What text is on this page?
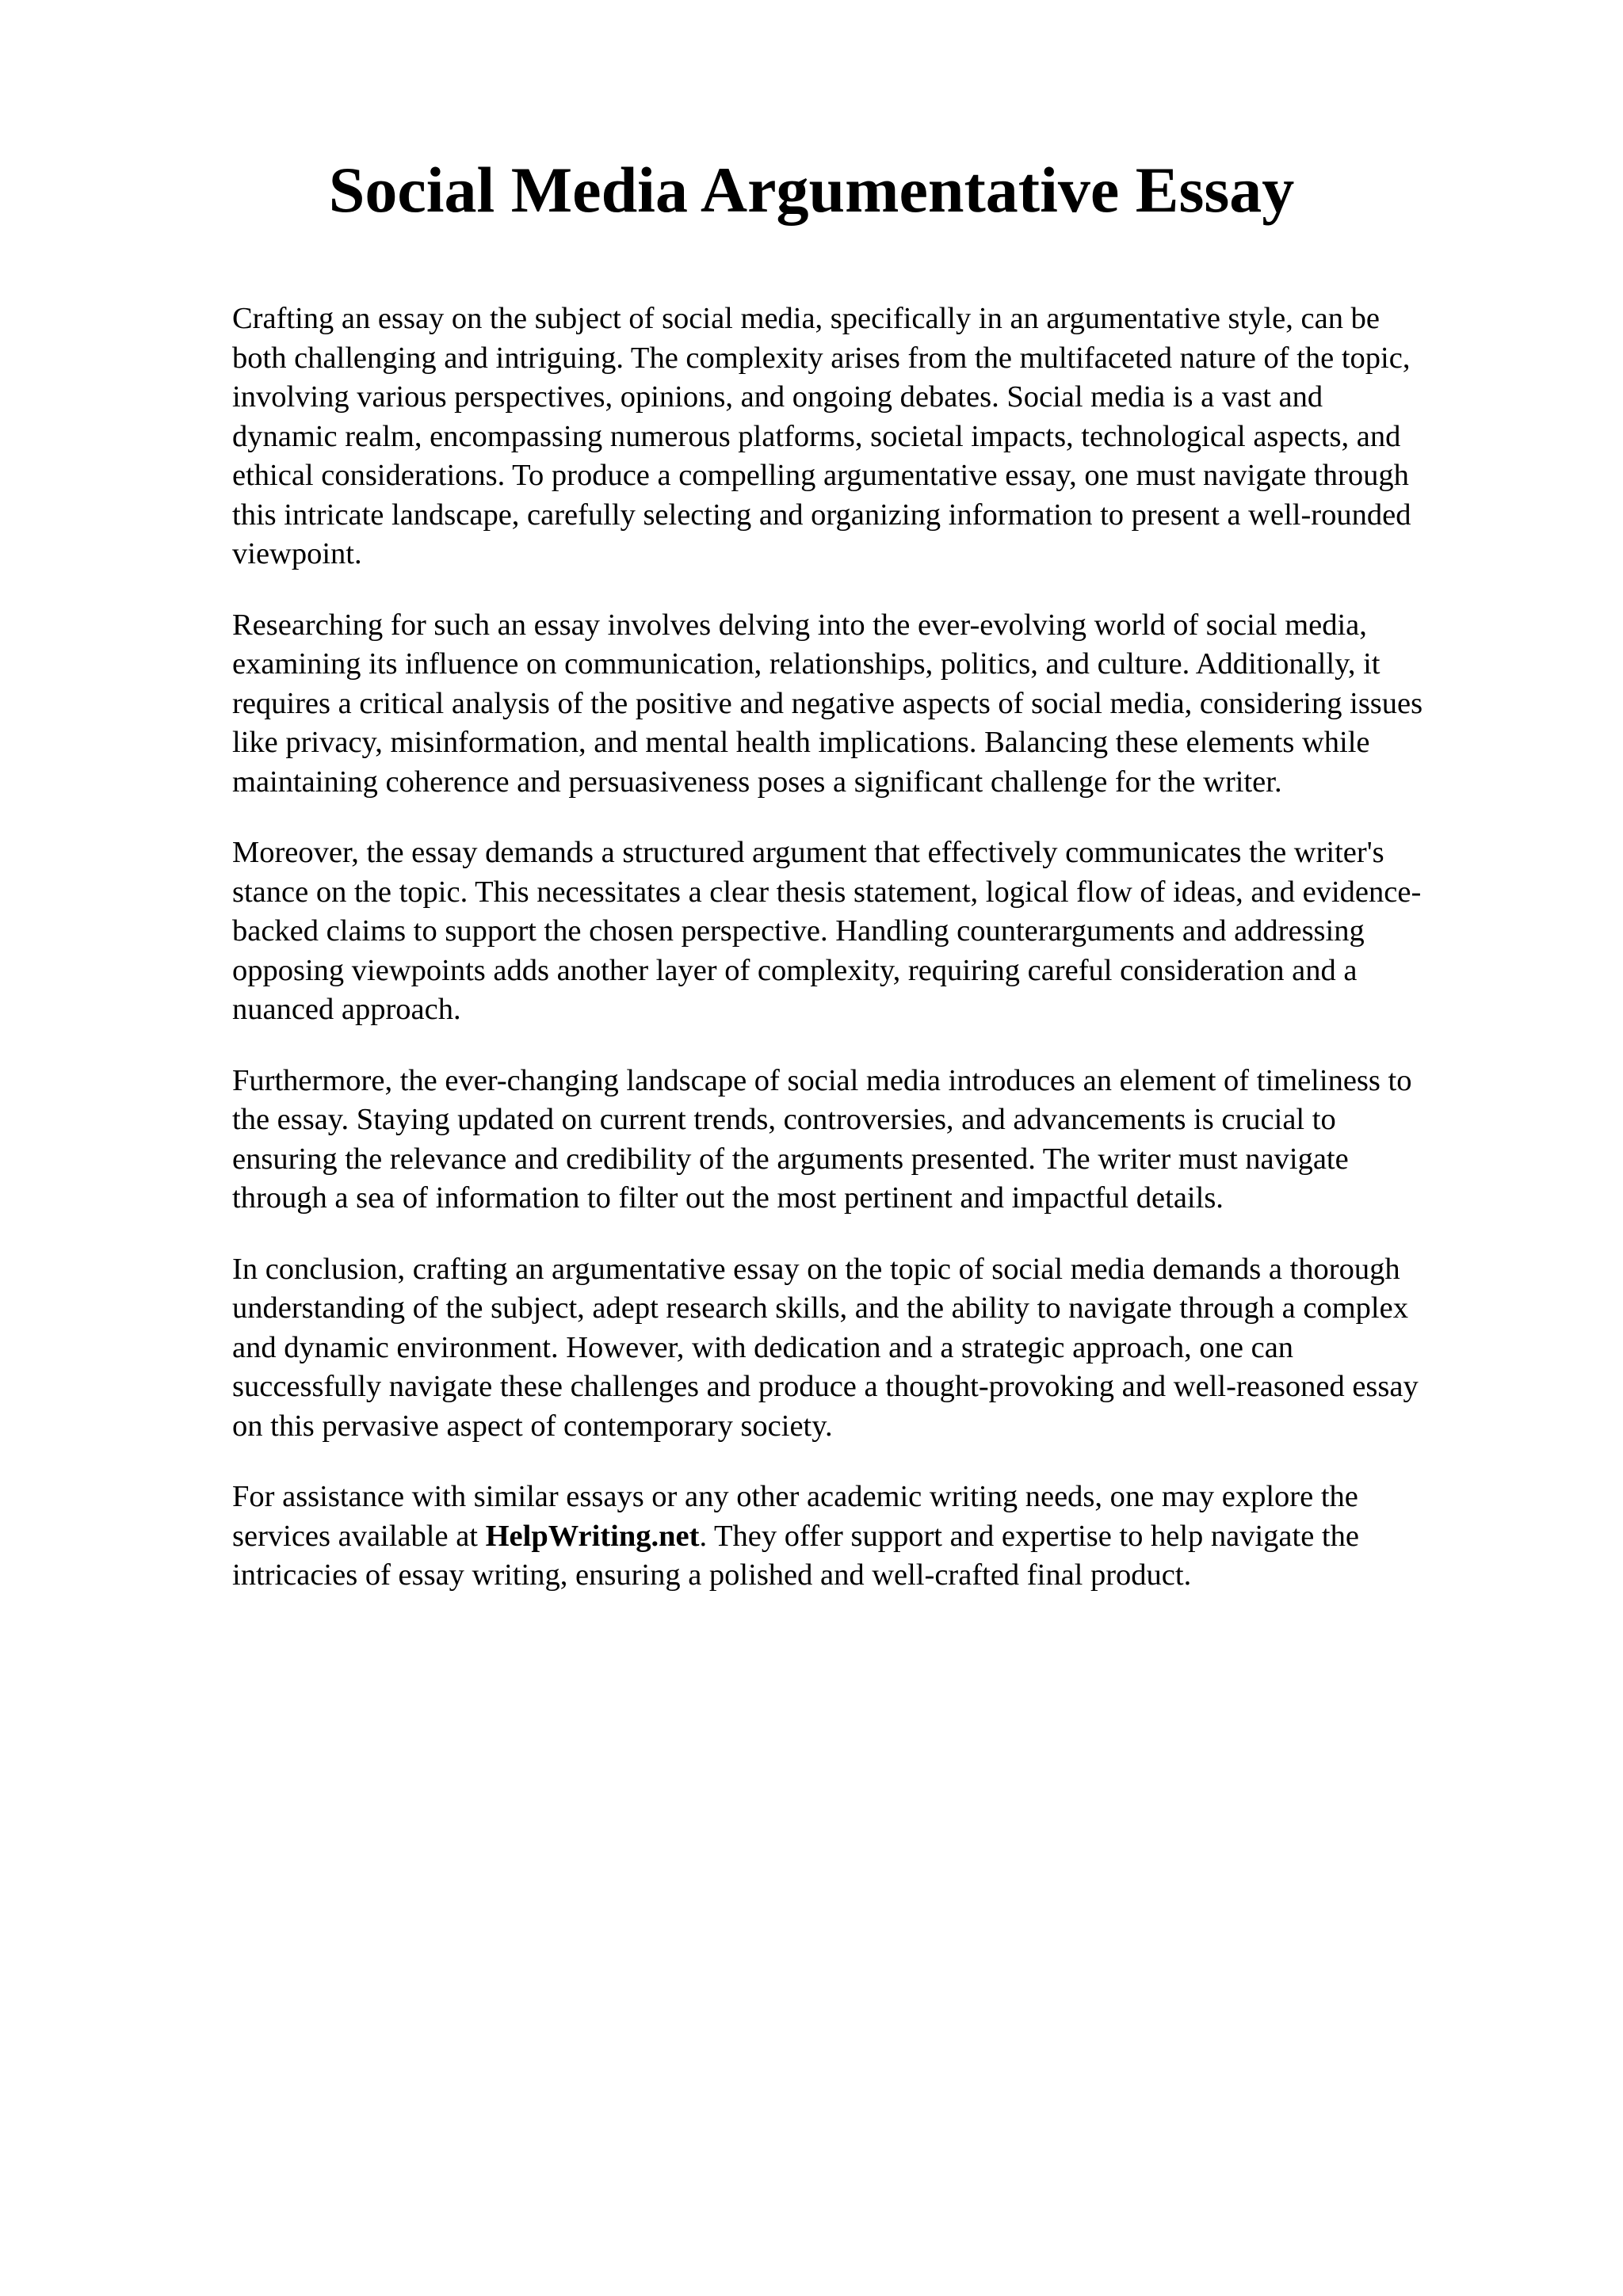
Social Media Argumentative Essay

Crafting an essay on the subject of social media, specifically in an argumentative style, can be
both challenging and intriguing. The complexity arises from the multifaceted nature of the topic,
involving various perspectives, opinions, and ongoing debates. Social media is a vast and
dynamic realm, encompassing numerous platforms, societal impacts, technological aspects, and
ethical considerations. To produce a compelling argumentative essay, one must navigate through
this intricate landscape, carefully selecting and organizing information to present a well-rounded
viewpoint.

Researching for such an essay involves delving into the ever-evolving world of social media,
examining its influence on communication, relationships, politics, and culture. Additionally, it
requires a critical analysis of the positive and negative aspects of social media, considering issues
like privacy, misinformation, and mental health implications. Balancing these elements while
maintaining coherence and persuasiveness poses a significant challenge for the writer.

Moreover, the essay demands a structured argument that effectively communicates the writer's
stance on the topic. This necessitates a clear thesis statement, logical flow of ideas, and evidence-
backed claims to support the chosen perspective. Handling counterarguments and addressing
opposing viewpoints adds another layer of complexity, requiring careful consideration and a
nuanced approach.

Furthermore, the ever-changing landscape of social media introduces an element of timeliness to
the essay. Staying updated on current trends, controversies, and advancements is crucial to
ensuring the relevance and credibility of the arguments presented. The writer must navigate
through a sea of information to filter out the most pertinent and impactful details.

In conclusion, crafting an argumentative essay on the topic of social media demands a thorough
understanding of the subject, adept research skills, and the ability to navigate through a complex
and dynamic environment. However, with dedication and a strategic approach, one can
successfully navigate these challenges and produce a thought-provoking and well-reasoned essay
on this pervasive aspect of contemporary society.

For assistance with similar essays or any other academic writing needs, one may explore the
services available at HelpWriting.net. They offer support and expertise to help navigate the
intricacies of essay writing, ensuring a polished and well-crafted final product.
